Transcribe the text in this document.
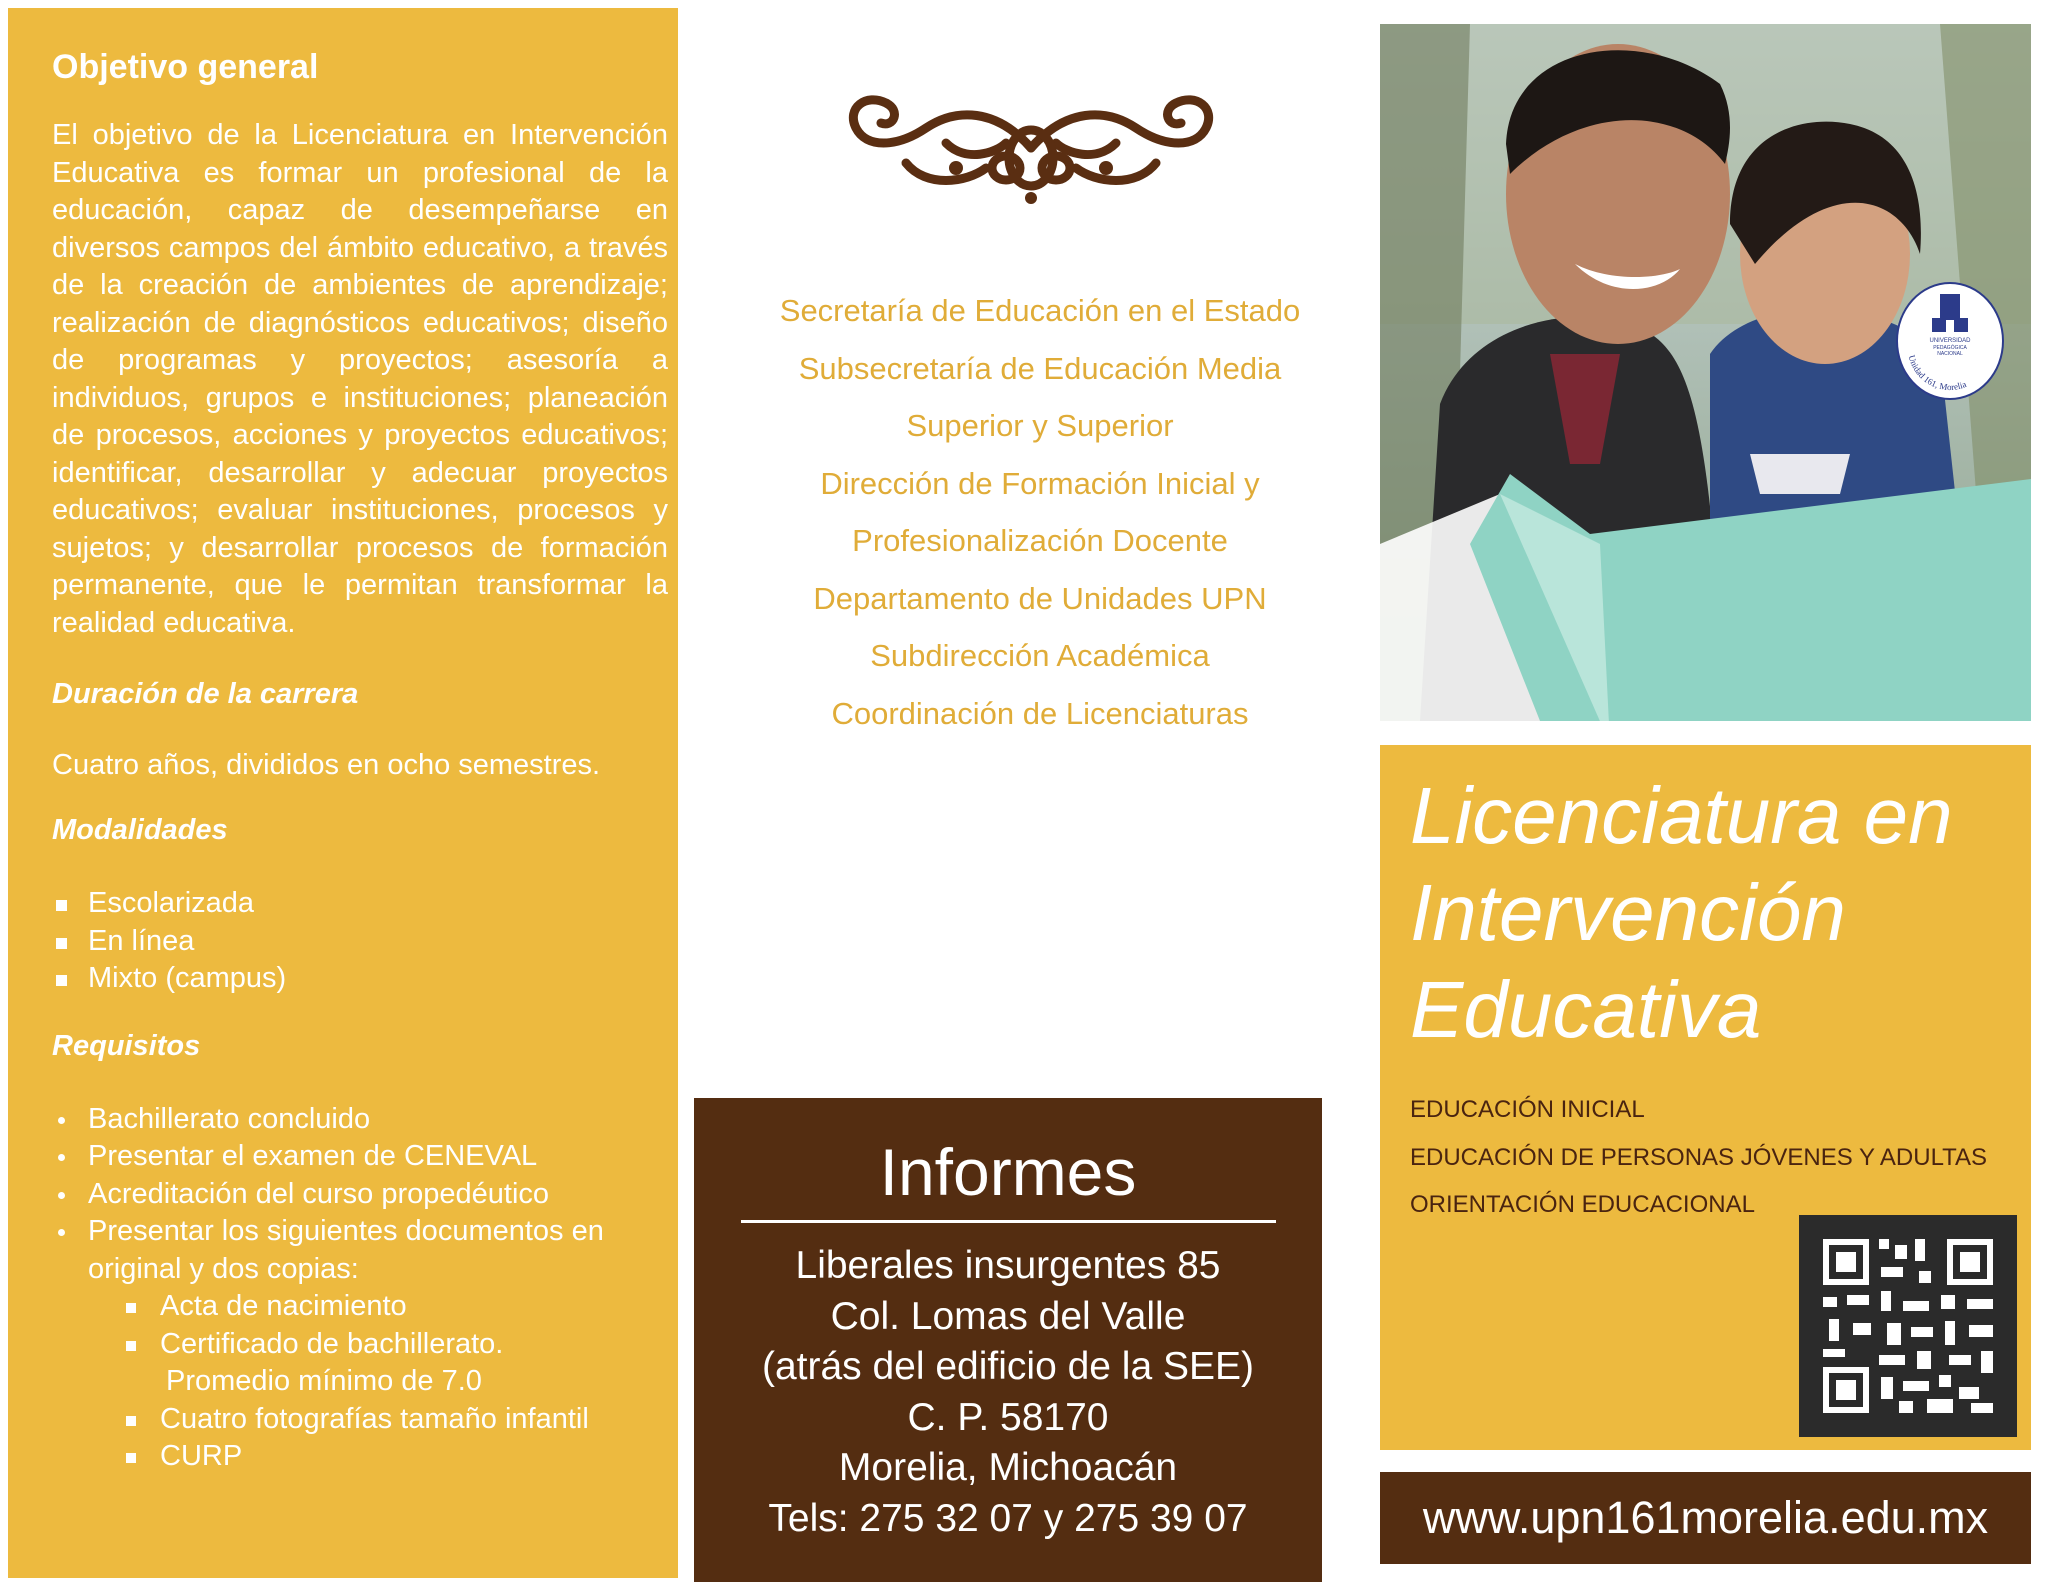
Objetivo general
El objetivo de la Licenciatura en Intervención Educativa es formar un profesional de la educación, capaz de desempeñarse en diversos campos del ámbito educativo, a través de la creación de ambientes de aprendizaje; realización de diagnósticos educativos; diseño de programas y proyectos; asesoría a individuos, grupos e instituciones; planeación de procesos, acciones y proyectos educativos; identificar, desarrollar y adecuar proyectos educativos; evaluar instituciones, procesos y sujetos; y desarrollar procesos de formación permanente, que le permitan transformar la realidad educativa.
Duración de la carrera
Cuatro años, divididos en ocho semestres.
Modalidades
Escolarizada
En línea
Mixto (campus)
Requisitos
Bachillerato concluido
Presentar el examen de CENEVAL
Acreditación del curso propedéutico
Presentar los siguientes documentos en original y dos copias:
Acta de nacimiento
Certificado de bachillerato.
Promedio mínimo de 7.0
Cuatro fotografías tamaño infantil
CURP
Secretaría de Educación en el Estado
Subsecretaría de Educación Media
Superior y Superior
Dirección de Formación Inicial y
Profesionalización Docente
Departamento de Unidades UPN
Subdirección Académica
Coordinación de Licenciaturas
Informes
Liberales insurgentes 85
Col. Lomas del Valle
(atrás del edificio de la SEE)
C. P. 58170
Morelia, Michoacán
Tels: 275 32 07 y 275 39 07
UNIVERSIDAD
PEDAGÓGICA
NACIONAL
Unidad 161, Morelia
Licenciatura en
Intervención
Educativa
EDUCACIÓN INICIAL
EDUCACIÓN DE PERSONAS JÓVENES Y ADULTAS
ORIENTACIÓN EDUCACIONAL
www.upn161morelia.edu.mx
